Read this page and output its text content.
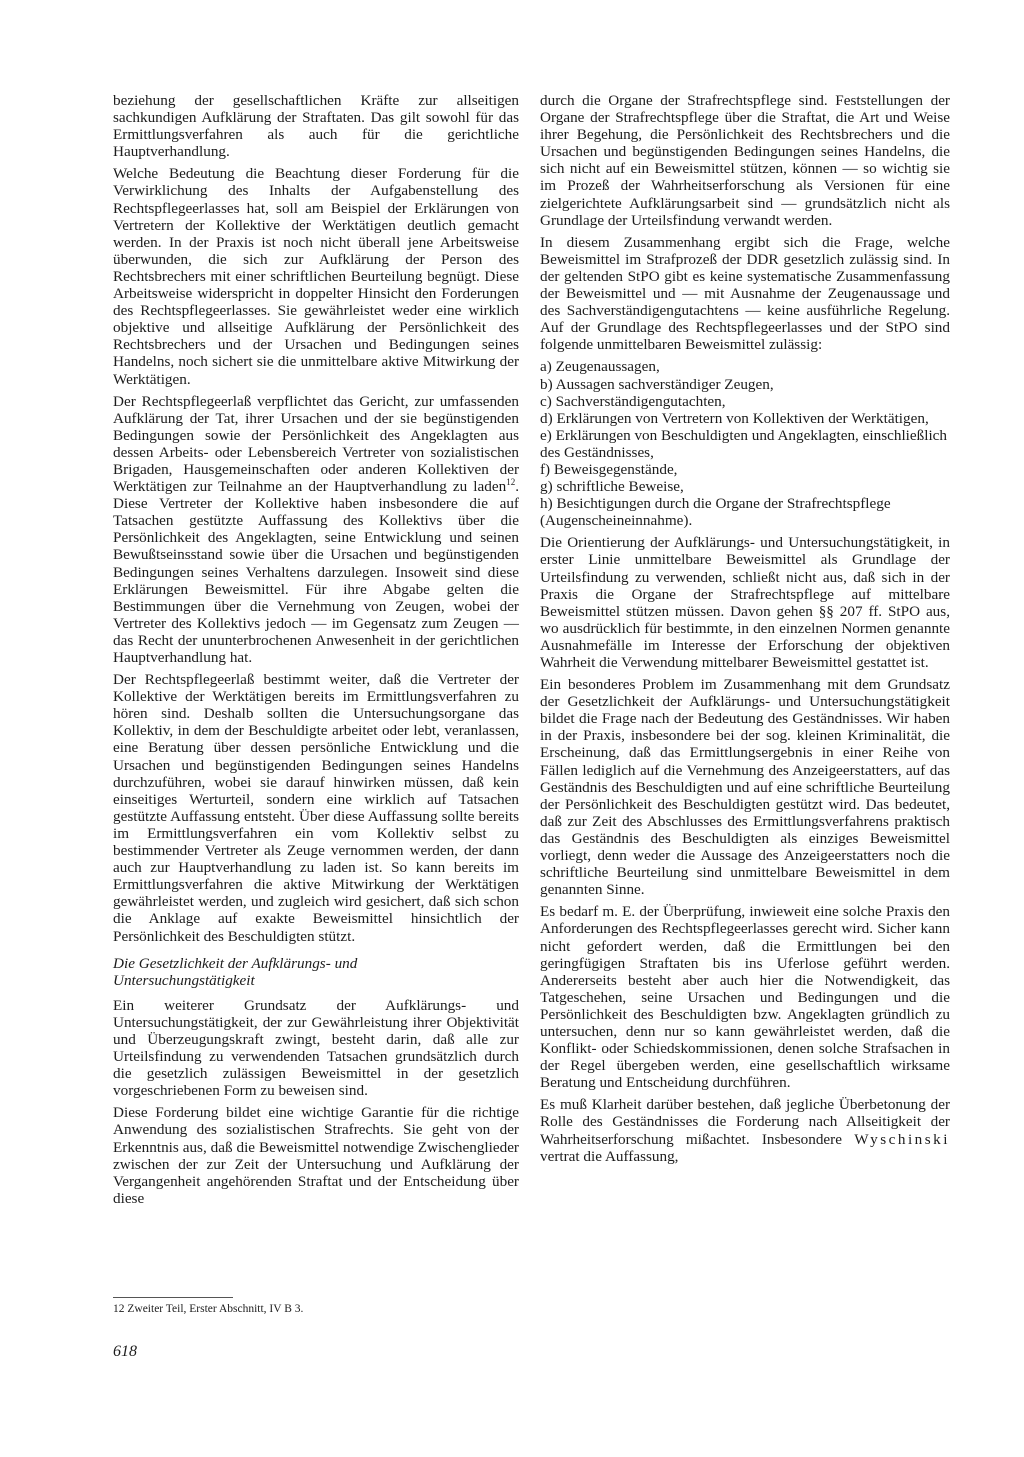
beziehung der gesellschaftlichen Kräfte zur allseitigen sachkundigen Aufklärung der Straftaten. Das gilt sowohl für das Ermittlungsverfahren als auch für die gerichtliche Hauptverhandlung.

Welche Bedeutung die Beachtung dieser Forderung für die Verwirklichung des Inhalts der Aufgabenstellung des Rechtspflegeerlasses hat, soll am Beispiel der Erklärungen von Vertretern der Kollektive der Werktätigen deutlich gemacht werden. In der Praxis ist noch nicht überall jene Arbeitsweise überwunden, die sich zur Aufklärung der Person des Rechtsbrechers mit einer schriftlichen Beurteilung begnügt. Diese Arbeitsweise widerspricht in doppelter Hinsicht den Forderungen des Rechtspflegeerlasses. Sie gewährleistet weder eine wirklich objektive und allseitige Aufklärung der Persönlichkeit des Rechtsbrechers und der Ursachen und Bedingungen seines Handelns, noch sichert sie die unmittelbare aktive Mitwirkung der Werktätigen.

Der Rechtspflegeerlaß verpflichtet das Gericht, zur umfassenden Aufklärung der Tat, ihrer Ursachen und der sie begünstigenden Bedingungen sowie der Persönlichkeit des Angeklagten aus dessen Arbeits- oder Lebensbereich Vertreter von sozialistischen Brigaden, Hausgemeinschaften oder anderen Kollektiven der Werktätigen zur Teilnahme an der Hauptverhandlung zu laden$^{12}$. Diese Vertreter der Kollektive haben insbesondere die auf Tatsachen gestützte Auffassung des Kollektivs über die Persönlichkeit des Angeklagten, seine Entwicklung und seinen Bewußtseinsstand sowie über die Ursachen und begünstigenden Bedingungen seines Verhaltens darzulegen. Insoweit sind diese Erklärungen Beweismittel. Für ihre Abgabe gelten die Bestimmungen über die Vernehmung von Zeugen, wobei der Vertreter des Kollektivs jedoch — im Gegensatz zum Zeugen — das Recht der ununterbrochenen Anwesenheit in der gerichtlichen Hauptverhandlung hat.

Der Rechtspflegeerlaß bestimmt weiter, daß die Vertreter der Kollektive der Werktätigen bereits im Ermittlungsverfahren zu hören sind. Deshalb sollten die Untersuchungsorgane das Kollektiv, in dem der Beschuldigte arbeitet oder lebt, veranlassen, eine Beratung über dessen persönliche Entwicklung und die Ursachen und begünstigenden Bedingungen seines Handelns durchzuführen, wobei sie darauf hinwirken müssen, daß kein einseitiges Werturteil, sondern eine wirklich auf Tatsachen gestützte Auffassung entsteht. Über diese Auffassung sollte bereits im Ermittlungsverfahren ein vom Kollektiv selbst zu bestimmender Vertreter als Zeuge vernommen werden, der dann auch zur Hauptverhandlung zu laden ist. So kann bereits im Ermittlungsverfahren die aktive Mitwirkung der Werktätigen gewährleistet werden, und zugleich wird gesichert, daß sich schon die Anklage auf exakte Beweismittel hinsichtlich der Persönlichkeit des Beschuldigten stützt.

Die Gesetzlichkeit der Aufklärungs- und
Untersuchungstätigkeit

Ein weiterer Grundsatz der Aufklärungs- und Untersuchungstätigkeit, der zur Gewährleistung ihrer Objektivität und Überzeugungskraft zwingt, besteht darin, daß alle zur Urteilsfindung zu verwendenden Tatsachen grundsätzlich durch die gesetzlich zulässigen Beweismittel in der gesetzlich vorgeschriebenen Form zu beweisen sind.

Diese Forderung bildet eine wichtige Garantie für die richtige Anwendung des sozialistischen Strafrechts. Sie geht von der Erkenntnis aus, daß die Beweismittel notwendige Zwischenglieder zwischen der zur Zeit der Untersuchung und Aufklärung der Vergangenheit angehörenden Straftat und der Entscheidung über diese

durch die Organe der Strafrechtspflege sind. Feststellungen der Organe der Strafrechtspflege über die Straftat, die Art und Weise ihrer Begehung, die Persönlichkeit des Rechtsbrechers und die Ursachen und begünstigenden Bedingungen seines Handelns, die sich nicht auf ein Beweismittel stützen, können — so wichtig sie im Prozeß der Wahrheitserforschung als Versionen für eine zielgerichtete Aufklärungsarbeit sind — grundsätzlich nicht als Grundlage der Urteilsfindung verwandt werden.

In diesem Zusammenhang ergibt sich die Frage, welche Beweismittel im Strafprozeß der DDR gesetzlich zulässig sind. In der geltenden StPO gibt es keine systematische Zusammenfassung der Beweismittel und — mit Ausnahme der Zeugenaussage und des Sachverständigengutachtens — keine ausführliche Regelung. Auf der Grundlage des Rechtspflegeerlasses und der StPO sind folgende unmittelbaren Beweismittel zulässig:

a) Zeugenaussagen,
b) Aussagen sachverständiger Zeugen,
c) Sachverständigengutachten,
d) Erklärungen von Vertretern von Kollektiven der Werktätigen,
e) Erklärungen von Beschuldigten und Angeklagten, einschließlich des Geständnisses,
f) Beweisgegenstände,
g) schriftliche Beweise,
h) Besichtigungen durch die Organe der Strafrechtspflege (Augenscheineinnahme).

Die Orientierung der Aufklärungs- und Untersuchungstätigkeit, in erster Linie unmittelbare Beweismittel als Grundlage der Urteilsfindung zu verwenden, schließt nicht aus, daß sich in der Praxis die Organe der Strafrechtspflege auf mittelbare Beweismittel stützen müssen. Davon gehen §§ 207 ff. StPO aus, wo ausdrücklich für bestimmte, in den einzelnen Normen genannte Ausnahmefälle im Interesse der Erforschung der objektiven Wahrheit die Verwendung mittelbarer Beweismittel gestattet ist.

Ein besonderes Problem im Zusammenhang mit dem Grundsatz der Gesetzlichkeit der Aufklärungs- und Untersuchungstätigkeit bildet die Frage nach der Bedeutung des Geständnisses. Wir haben in der Praxis, insbesondere bei der sog. kleinen Kriminalität, die Erscheinung, daß das Ermittlungsergebnis in einer Reihe von Fällen lediglich auf die Vernehmung des Anzeigeerstatters, auf das Geständnis des Beschuldigten und auf eine schriftliche Beurteilung der Persönlichkeit des Beschuldigten gestützt wird. Das bedeutet, daß zur Zeit des Abschlusses des Ermittlungsverfahrens praktisch das Geständnis des Beschuldigten als einziges Beweismittel vorliegt, denn weder die Aussage des Anzeigeerstatters noch die schriftliche Beurteilung sind unmittelbare Beweismittel in dem genannten Sinne.

Es bedarf m. E. der Überprüfung, inwieweit eine solche Praxis den Anforderungen des Rechtspflegeerlasses gerecht wird. Sicher kann nicht gefordert werden, daß die Ermittlungen bei den geringfügigen Straftaten bis ins Uferlose geführt werden. Andererseits besteht aber auch hier die Notwendigkeit, das Tatgeschehen, seine Ursachen und Bedingungen und die Persönlichkeit des Beschuldigten bzw. Angeklagten gründlich zu untersuchen, denn nur so kann gewährleistet werden, daß die Konflikt- oder Schiedskommissionen, denen solche Strafsachen in der Regel übergeben werden, eine gesellschaftlich wirksame Beratung und Entscheidung durchführen.

Es muß Klarheit darüber bestehen, daß jegliche Überbetonung der Rolle des Geständnisses die Forderung nach Allseitigkeit der Wahrheitserforschung mißachtet. Insbesondere Wyschinski vertrat die Auffassung,

12 Zweiter Teil, Erster Abschnitt, IV B 3.
618
